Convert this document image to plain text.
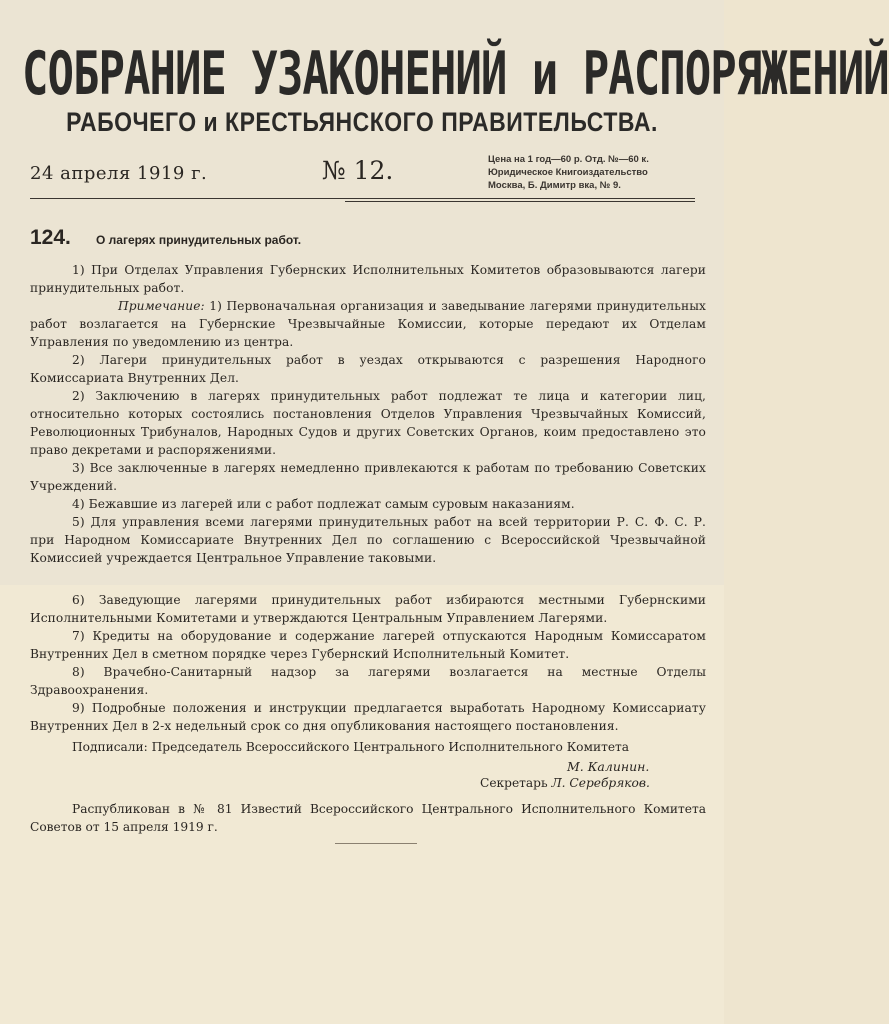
СОБРАНИЕ УЗАКОНЕНИЙ и РАСПОРЯЖЕНИЙ
РАБОЧЕГО и КРЕСТЬЯНСКОГО ПРАВИТЕЛЬСТВА.
24 апреля 1919 г.	№ 12.	Цена на 1 год—60 р. Отд. №—60 к.
Юридическое Книгоиздательство
Москва, Б. Димитр вка, № 9.
124. О лагерях принудительных работ.

1) При Отделах Управления Губернских Исполнительных Комитетов образовываются лагери принудительных работ.

Примечание: 1) Первоначальная организация и заведывание лагерями принудительных работ возлагается на Губернские Чрезвычайные Комиссии, которые передают их Отделам Управления по уведомлению из центра.

2) Лагери принудительных работ в уездах открываются с разрешения Народного Комиссариата Внутренних Дел.

2) Заключению в лагерях принудительных работ подлежат те лица и категории лиц, относительно которых состоялись постановления Отделов Управления Чрезвычайных Комиссий, Революционных Трибуналов, Народных Судов и других Советских Органов, коим предоставлено это право декретами и распоряжениями.

3) Все заключенные в лагерях немедленно привлекаются к работам по требованию Советских Учреждений.

4) Бежавшие из лагерей или с работ подлежат самым суровым наказаниям.

5) Для управления всеми лагерями принудительных работ на всей территории Р. С. Ф. С. Р. при Народном Комиссариате Внутренних Дел по соглашению с Всероссийской Чрезвычайной Комиссией учреждается Центральное Управление таковыми.

6) Заведующие лагерями принудительных работ избираются местными Губернскими Исполнительными Комитетами и утверждаются Центральным Управлением Лагерями.

7) Кредиты на оборудование и содержание лагерей отпускаются Народным Комиссаратом Внутренних Дел в сметном порядке через Губернский Исполнительный Комитет.

8) Врачебно-Санитарный надзор за лагерями возлагается на местные Отделы Здравоохранения.

9) Подробные положения и инструкции предлагается выработать Народному Комиссариату Внутренних Дел в 2-х недельный срок со дня опубликования настоящего постановления.

Подписали: Председатель Всероссийского Центрального Исполнительного Комитета
М. Калинин.
Секретарь Л. Серебряков.

Распубликован в № 81 Известий Всероссийского Центрального Исполнительного Комитета Советов от 15 апреля 1919 г.
